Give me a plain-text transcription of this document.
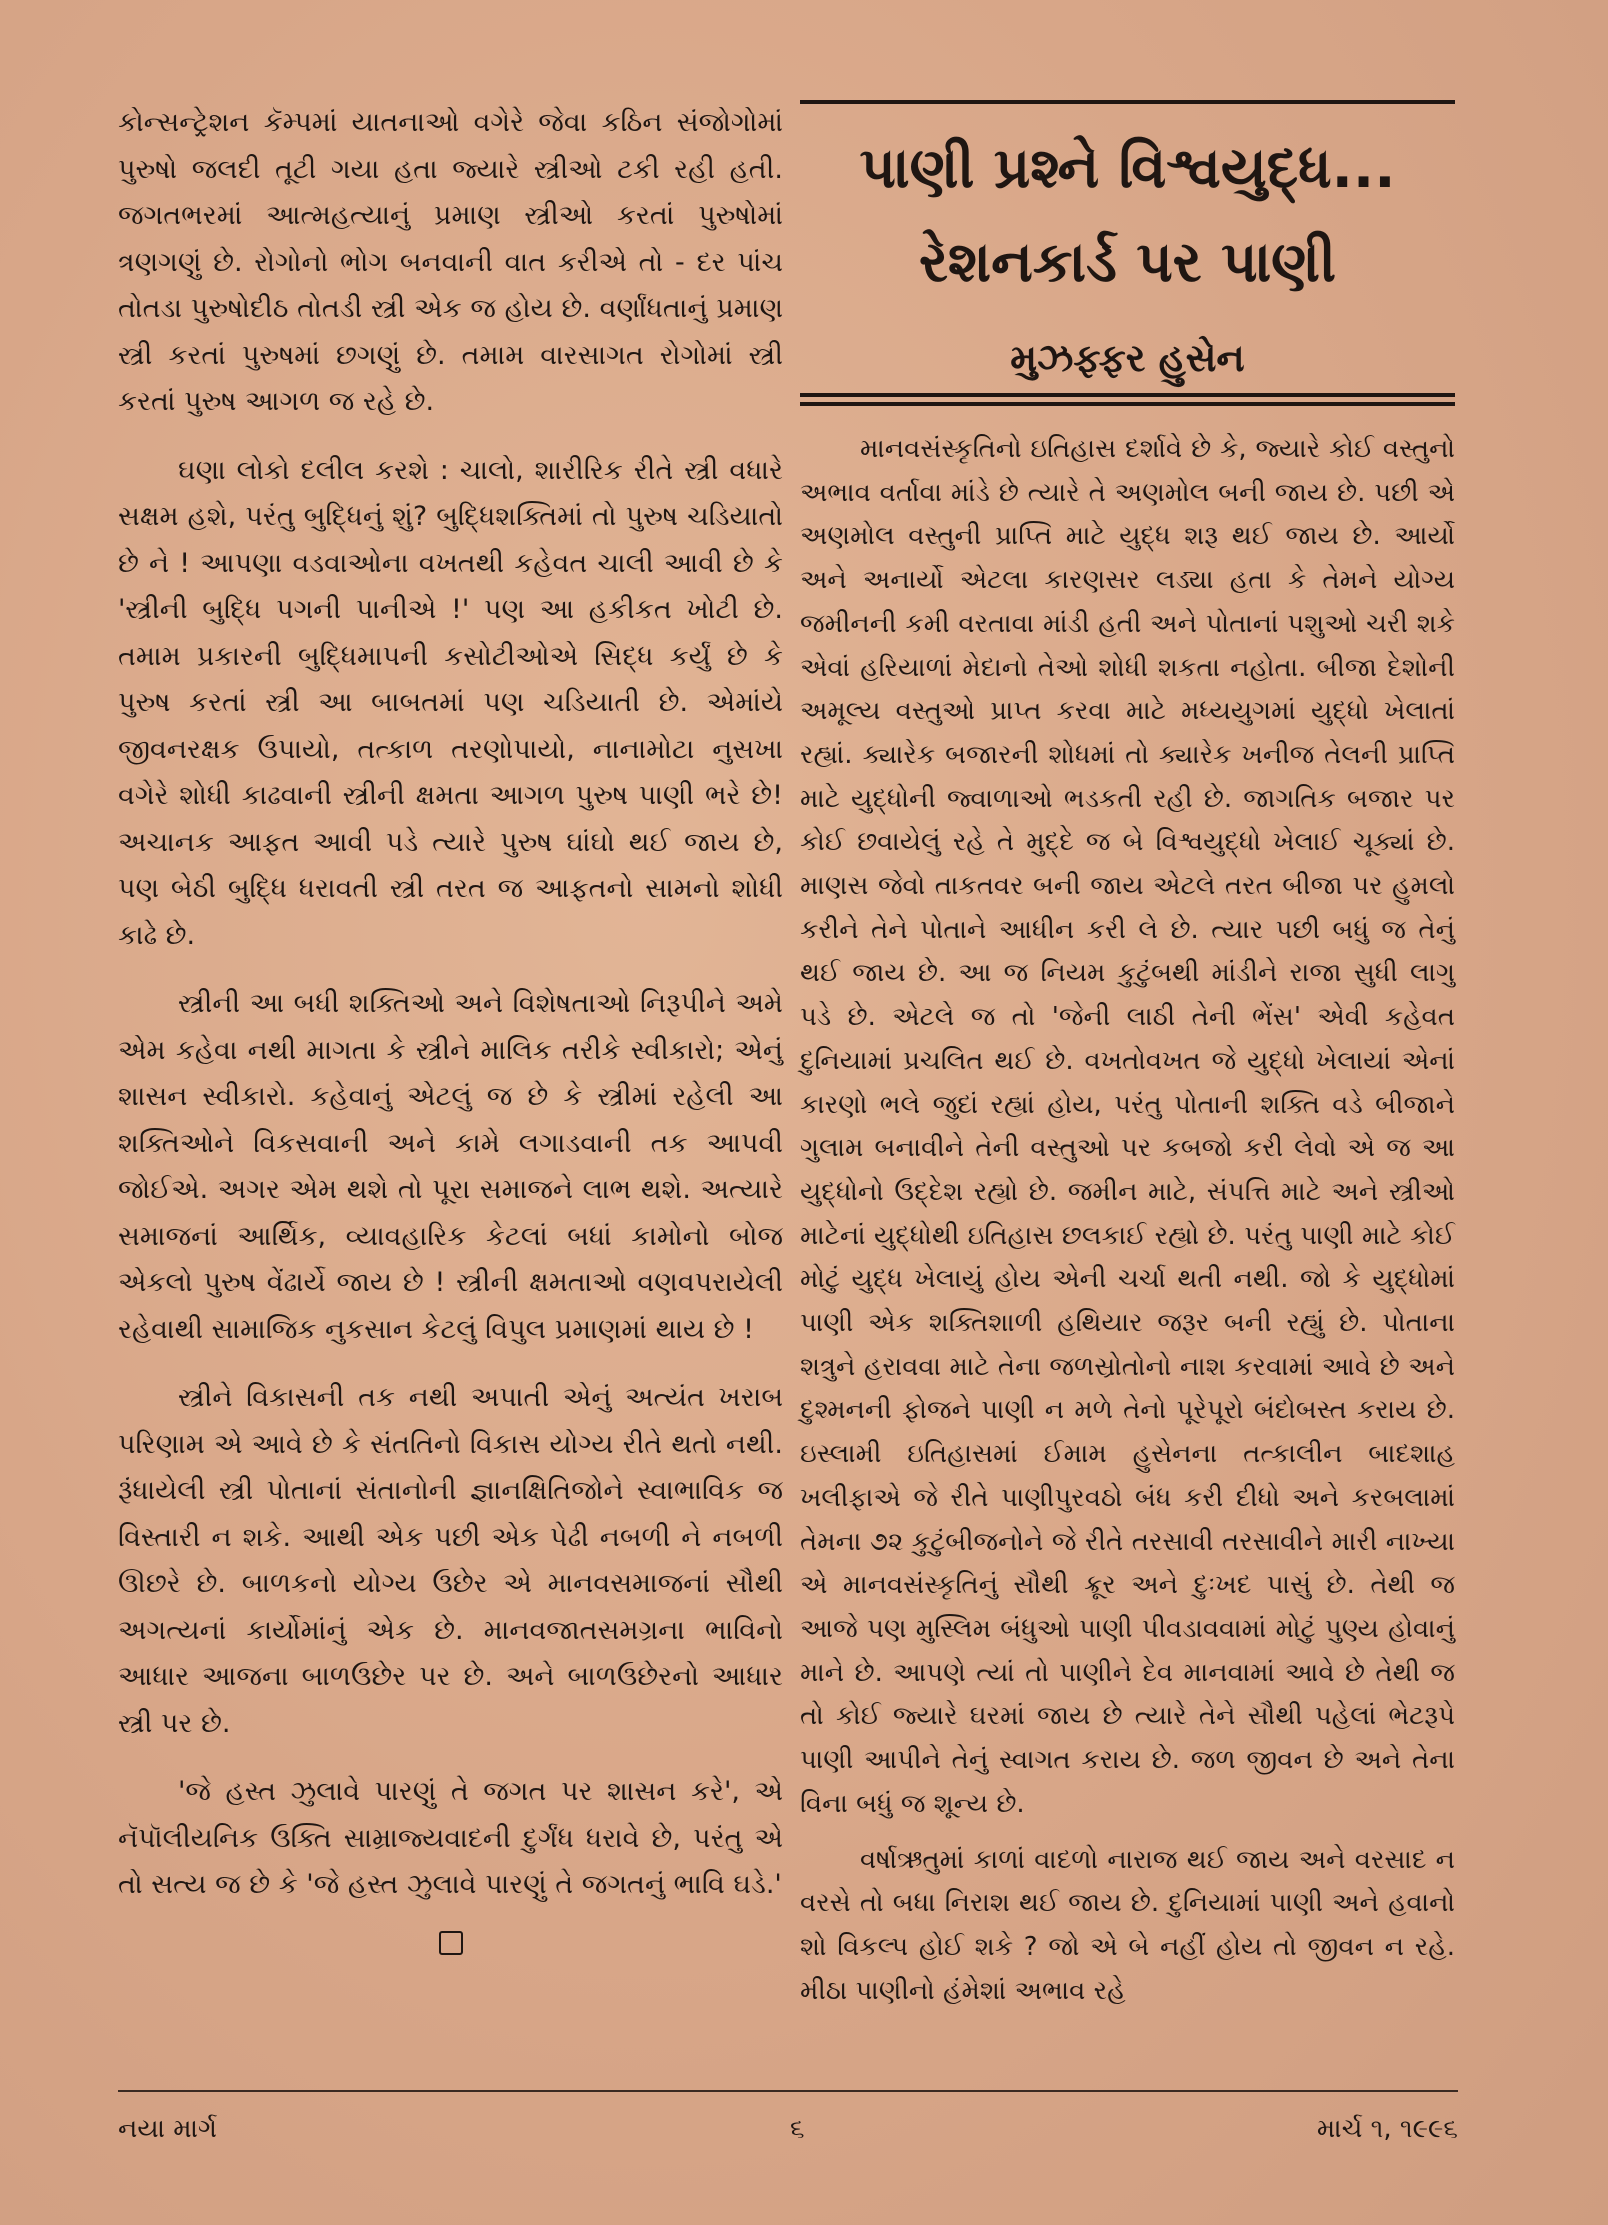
કોન્સન્ટ્રેશન કૅમ્પમાં યાતનાઓ વગેરે જેવા કઠિન સંજોગોમાં પુરુષો જલદી તૂટી ગયા હતા જ્યારે સ્ત્રીઓ ટકી રહી હતી. જગતભરમાં આત્મહત્યાનું પ્રમાણ સ્ત્રીઓ કરતાં પુરુષોમાં ત્રણગણું છે. રોગોનો ભોગ બનવાની વાત કરીએ તો - દર પાંચ તોતડા પુરુષોદીઠ તોતડી સ્ત્રી એક જ હોય છે. વર્ણાંધતાનું પ્રમાણ સ્ત્રી કરતાં પુરુષમાં છગણું છે. તમામ વારસાગત રોગોમાં સ્ત્રી કરતાં પુરુષ આગળ જ રહે છે.

ઘણા લોકો દલીલ કરશે : ચાલો, શારીરિક રીતે સ્ત્રી વધારે સક્ષમ હશે, પરંતુ બુદ્ધિનું શું? બુદ્ધિશક્તિમાં તો પુરુષ ચડિયાતો છે ને ! આપણા વડવાઓના વખતથી કહેવત ચાલી આવી છે કે 'સ્ત્રીની બુદ્ધિ પગની પાનીએ !' પણ આ હકીકત ખોટી છે. તમામ પ્રકારની બુદ્ધિમાપની કસોટીઓએ સિદ્ધ કર્યું છે કે પુરુષ કરતાં સ્ત્રી આ બાબતમાં પણ ચડિયાતી છે. એમાંયે જીવનરક્ષક ઉપાયો, તત્કાળ તરણોપાયો, નાનામોટા નુસખા વગેરે શોધી કાઢવાની સ્ત્રીની ક્ષમતા આગળ પુરુષ પાણી ભરે છે! અચાનક આફત આવી પડે ત્યારે પુરુષ ઘાંઘો થઈ જાય છે, પણ બેઠી બુદ્ધિ ધરાવતી સ્ત્રી તરત જ આફતનો સામનો શોધી કાઢે છે.

સ્ત્રીની આ બધી શક્તિઓ અને વિશેષતાઓ નિરૂપીને અમે એમ કહેવા નથી માગતા કે સ્ત્રીને માલિક તરીકે સ્વીકારો; એનું શાસન સ્વીકારો. કહેવાનું એટલું જ છે કે સ્ત્રીમાં રહેલી આ શક્તિઓને વિકસવાની અને કામે લગાડવાની તક આપવી જોઈએ. અગર એમ થશે તો પૂરા સમાજને લાભ થશે. અત્યારે સમાજનાં આર્થિક, વ્યાવહારિક કેટલાં બધાં કામોનો બોજ એકલો પુરુષ વેંઢાર્યે જાય છે ! સ્ત્રીની ક્ષમતાઓ વણવપરાયેલી રહેવાથી સામાજિક નુકસાન કેટલું વિપુલ પ્રમાણમાં થાય છે !

સ્ત્રીને વિકાસની તક નથી અપાતી એનું અત્યંત ખરાબ પરિણામ એ આવે છે કે સંતતિનો વિકાસ યોગ્ય રીતે થતો નથી. રૂંધાયેલી સ્ત્રી પોતાનાં સંતાનોની જ્ઞાનક્ષિતિજોને સ્વાભાવિક જ વિસ્તારી ન શકે. આથી એક પછી એક પેઢી નબળી ને નબળી ઊછરે છે. બાળકનો યોગ્ય ઉછેર એ માનવસમાજનાં સૌથી અગત્યનાં કાર્યોમાંનું એક છે. માનવજાતસમગ્રના ભાવિનો આધાર આજના બાળઉછેર પર છે. અને બાળઉછેરનો આધાર સ્ત્રી પર છે.

'જે હસ્ત ઝુલાવે પારણું તે જગત પર શાસન કરે', એ નૅપૉલીયનિક ઉક્તિ સામ્રાજ્યવાદની દુર્ગંધ ધરાવે છે, પરંતુ એ તો સત્ય જ છે કે 'જે હસ્ત ઝુલાવે પારણું તે જગતનું ભાવિ ઘડે.'

પાણી પ્રશ્ને વિશ્વયુદ્ધ...
રેશનકાર્ડ પર પાણી
મુઝફ્ફર હુસેન

માનવસંસ્કૃતિનો ઇતિહાસ દર્શાવે છે કે, જ્યારે કોઈ વસ્તુનો અભાવ વર્તાવા માંડે છે ત્યારે તે અણમોલ બની જાય છે. પછી એ અણમોલ વસ્તુની પ્રાપ્તિ માટે યુદ્ધ શરૂ થઈ જાય છે. આર્યો અને અનાર્યો એટલા કારણસર લડ્યા હતા કે તેમને યોગ્ય જમીનની કમી વરતાવા માંડી હતી અને પોતાનાં પશુઓ ચરી શકે એવાં હરિયાળાં મેદાનો તેઓ શોધી શકતા નહોતા. બીજા દેશોની અમૂલ્ય વસ્તુઓ પ્રાપ્ત કરવા માટે મધ્યયુગમાં યુદ્ધો ખેલાતાં રહ્યાં. ક્યારેક બજારની શોધમાં તો ક્યારેક ખનીજ તેલની પ્રાપ્તિ માટે યુદ્ધોની જ્વાળાઓ ભડકતી રહી છે. જાગતિક બજાર પર કોઈ છવાયેલું રહે તે મુદ્દે જ બે વિશ્વયુદ્ધો ખેલાઈ ચૂક્યાં છે. માણસ જેવો તાકતવર બની જાય એટલે તરત બીજા પર હુમલો કરીને તેને પોતાને આધીન કરી લે છે. ત્યાર પછી બધું જ તેનું થઈ જાય છે. આ જ નિયમ કુટુંબથી માંડીને રાજા સુધી લાગુ પડે છે. એટલે જ તો 'જેની લાઠી તેની ભેંસ' એવી કહેવત દુનિયામાં પ્રચલિત થઈ છે. વખતોવખત જે યુદ્ધો ખેલાયાં એનાં કારણો ભલે જુદાં રહ્યાં હોય, પરંતુ પોતાની શક્તિ વડે બીજાને ગુલામ બનાવીને તેની વસ્તુઓ પર કબજો કરી લેવો એ જ આ યુદ્ધોનો ઉદ્દેશ રહ્યો છે. જમીન માટે, સંપત્તિ માટે અને સ્ત્રીઓ માટેનાં યુદ્ધોથી ઇતિહાસ છલકાઈ રહ્યો છે. પરંતુ પાણી માટે કોઈ મોટું યુદ્ધ ખેલાયું હોય એની ચર્ચા થતી નથી. જો કે યુદ્ધોમાં પાણી એક શક્તિશાળી હથિયાર જરૂર બની રહ્યું છે. પોતાના શત્રુને હરાવવા માટે તેના જળસ્રોતોનો નાશ કરવામાં આવે છે અને દુશ્મનની ફોજને પાણી ન મળે તેનો પૂરેપૂરો બંદોબસ્ત કરાય છે. ઇસ્લામી ઇતિહાસમાં ઈમામ હુસેનના તત્કાલીન બાદશાહ ખલીફાએ જે રીતે પાણીપુરવઠો બંધ કરી દીધો અને કરબલામાં તેમના ૭૨ કુટુંબીજનોને જે રીતે તરસાવી તરસાવીને મારી નાખ્યા એ માનવસંસ્કૃતિનું સૌથી ક્રૂર અને દુઃખદ પાસું છે. તેથી જ આજે પણ મુસ્લિમ બંધુઓ પાણી પીવડાવવામાં મોટું પુણ્ય હોવાનું માને છે. આપણે ત્યાં તો પાણીને દેવ માનવામાં આવે છે તેથી જ તો કોઈ જ્યારે ઘરમાં જાય છે ત્યારે તેને સૌથી પહેલાં ભેટરૂપે પાણી આપીને તેનું સ્વાગત કરાય છે. જળ જીવન છે અને તેના વિના બધું જ શૂન્ય છે.

વર્ષાઋતુમાં કાળાં વાદળો નારાજ થઈ જાય અને વરસાદ ન વરસે તો બધા નિરાશ થઈ જાય છે. દુનિયામાં પાણી અને હવાનો શો વિકલ્પ હોઈ શકે ? જો એ બે નહીં હોય તો જીવન ન રહે. મીઠા પાણીનો હંમેશાં અભાવ રહે

નયા માર્ગ	૬	માર્ચ ૧, ૧૯૯૬
